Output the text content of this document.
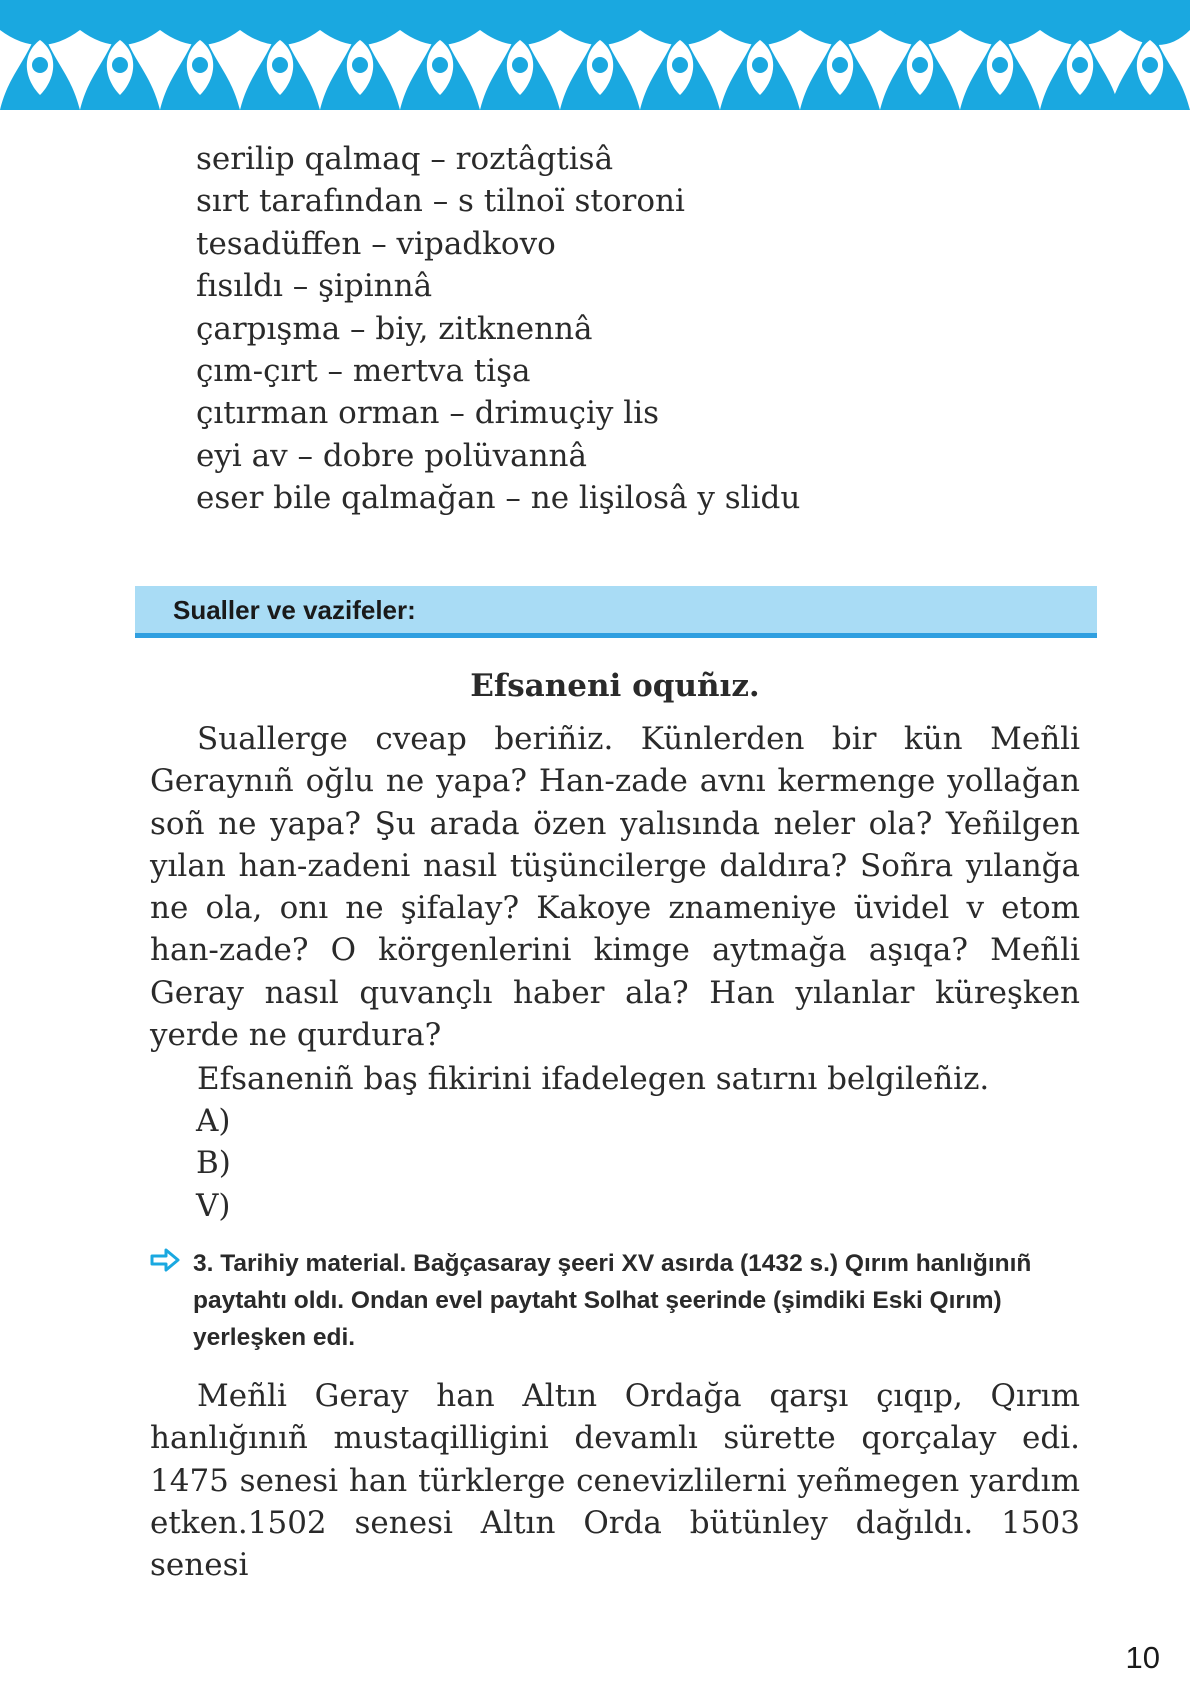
serilip qalmaq – roztâgtisâ
sırt tarafından – s tilnoï storoni
tesadüffen – vipadkovo
fısıldı – şipinnâ
çarpışma – biy, zitknennâ
çım-çırt – mertva tişa
çıtırman orman – drimuçiy lis
eyi av – dobre polüvannâ
eser bile qalmağan – ne lişilosâ y slidu
Sualler ve vazifeler:
Efsaneni oquñız.

Suallerge cveap beriñiz. Künlerden bir kün Meñli Geraynıñ oğlu ne yapa? Han-zade avnı kermenge yollağan soñ ne yapa? Şu arada özen yalısında neler ola? Yeñilgen yılan han-zadeni nasıl tüşüncilerge daldıra? Soñra yılanğa ne ola, onı ne şifalay? Kakoye znameniye üvidel v etom han-zade? O körgenlerini kimge aytmağa aşıqa? Meñli Geray nasıl quvançlı haber ala? Han yılanlar küreşken yerde ne qurdura?

Efsaneniñ baş fikirini ifadelegen satırnı belgileñiz.

A)
B)
V)
3. Tarihiy material. Bağçasaray şeeri XV asırda (1432 s.) Qırım hanlığınıñ paytahtı oldı. Ondan evel paytaht Solhat şeerinde (şimdiki Eski Qırım) yerleşken edi.

Meñli Geray han Altın Ordağa qarşı çıqıp, Qırım hanlığınıñ mustaqilligini devamlı sürette qorçalay edi. 1475 senesi han türklerge cenevizlilerni yeñmegen yardım etken.1502 senesi Altın Orda bütünley dağıldı. 1503 senesi

10
